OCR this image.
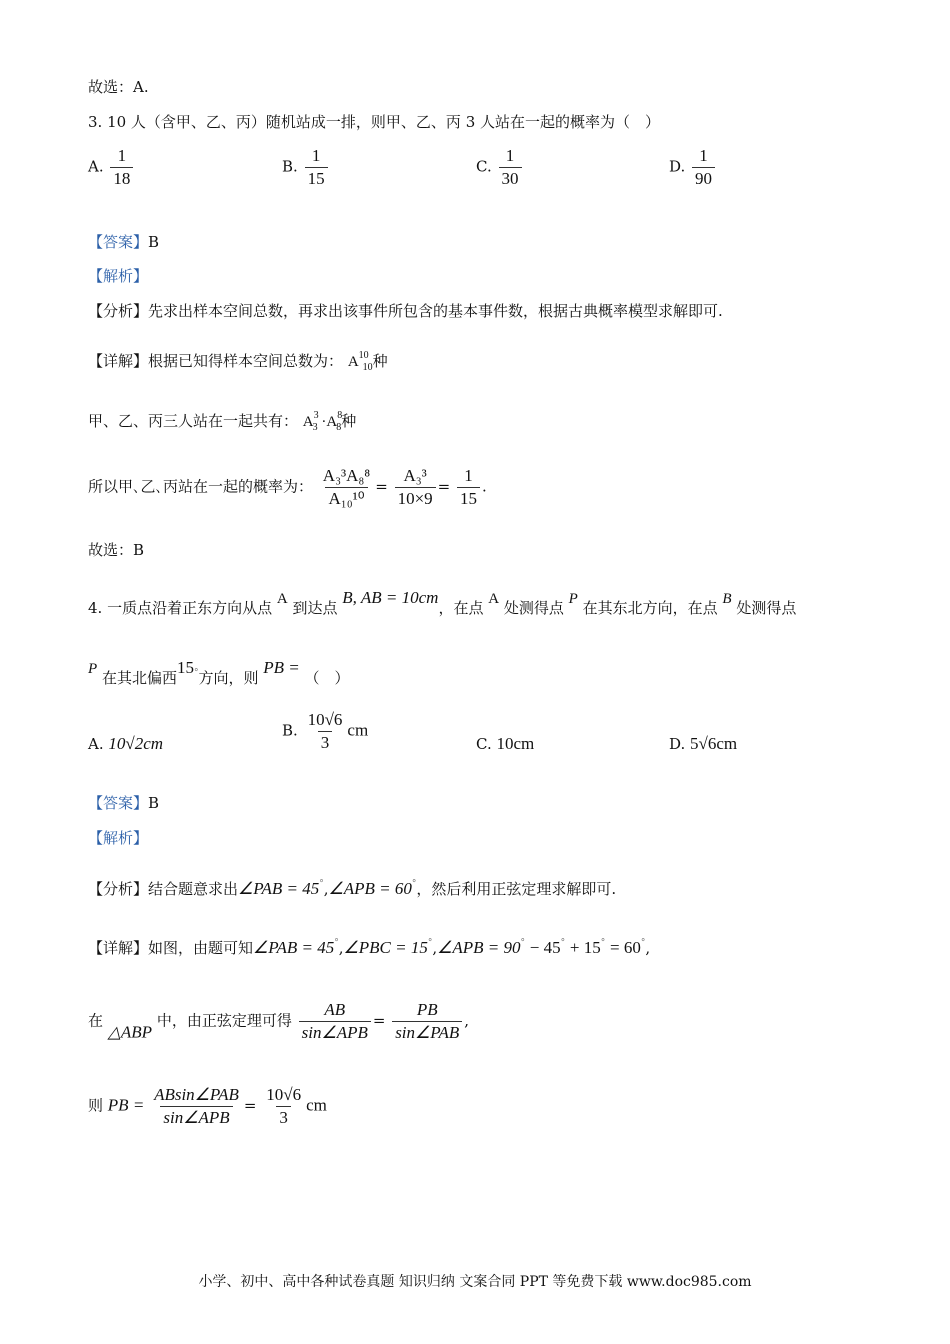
故选：A.
3. 10 人（含甲、乙、丙）随机站成一排，则甲、乙、丙 3 人站在一起的概率为（　）
A. $\frac{1}{18}$	B. $\frac{1}{15}$	C. $\frac{1}{30}$	D. $\frac{1}{90}$
【答案】B
【解析】
【分析】先求出样本空间总数，再求出该事件所包含的基本事件数，根据古典概率模型求解即可.
【详解】根据已知得样本空间总数为： $A^{10}_{10}$种
甲、乙、丙三人站在一起共有： $A^3_3 \cdot A^8_8$种
所以甲､乙､丙站在一起的概率为： $\frac{\text{A₃³A₈⁸}}{\text{A₁₀¹⁰}} = \frac{\text{A₃³}}{10\times 9} = \frac{1}{15}$ .
故选：B
4. 一质点沿着正东方向从点 A 到达点 B, AB = 10cm，在点 A 处测得点 P 在其东北方向，在点 B 处测得点
P 在其北偏西15°方向，则 PB = （　）
A. 10√2cm
B. $\frac{10√6}{3}$ cm
C. 10cm	D. 5√6cm
【答案】B
【解析】
【分析】结合题意求出∠PAB = 45°,∠APB = 60°，然后利用正弦定理求解即可.
【详解】如图，由题可知∠PAB = 45°,∠PBC = 15°,∠APB = 90° − 45° + 15° = 60°,
在 △ABP 中，由正弦定理可得 $\frac{AB}{\text{sin∠APB}} = \frac{PB}{\text{sin∠PAB}}$ ,
则 PB = $\frac{\text{ABsin∠PAB}}{\text{sin∠APB}} = \frac{10√6}{3}$ cm
小学、初中、高中各种试卷真题 知识归纳 文案合同 PPT 等免费下载 www.doc985.com
